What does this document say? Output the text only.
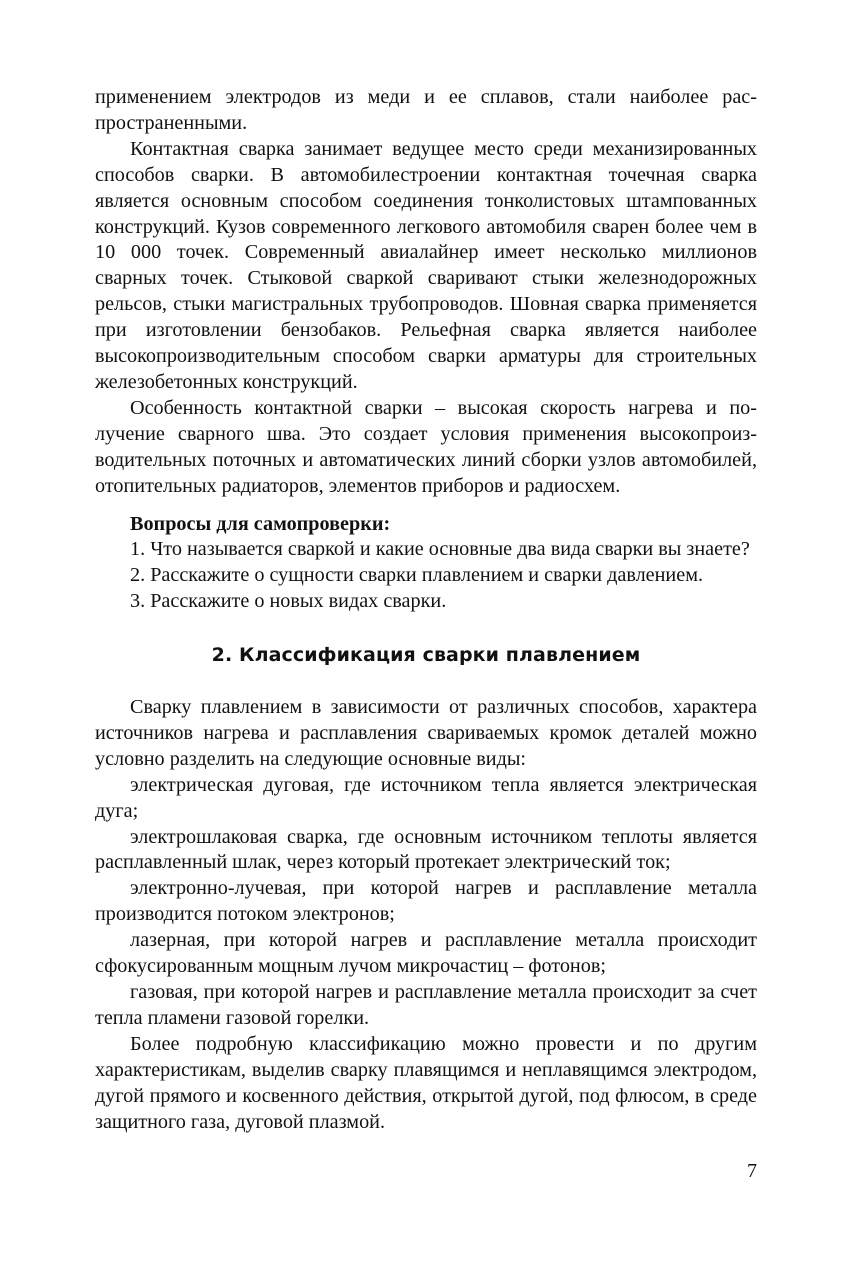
применением электродов из меди и ее сплавов, стали наиболее распространенными.

Контактная сварка занимает ведущее место среди механизированных способов сварки. В автомобилестроении контактная точечная сварка является основным способом соединения тонколистовых штампованных конструкций. Кузов современного легкового автомобиля сварен более чем в 10 000 точек. Современный авиалайнер имеет несколько миллионов сварных точек. Стыковой сваркой сваривают стыки железнодорожных рельсов, стыки магистральных трубопроводов. Шовная сварка применяется при изготовлении бензобаков. Рельефная сварка является наиболее высокопроизводительным способом сварки арматуры для строительных железобетонных конструкций.

Особенность контактной сварки – высокая скорость нагрева и получение сварного шва. Это создает условия применения высокопроизводительных поточных и автоматических линий сборки узлов автомобилей, отопительных радиаторов, элементов приборов и радиосхем.

Вопросы для самопроверки:

1. Что называется сваркой и какие основные два вида сварки вы знаете?

2. Расскажите о сущности сварки плавлением и сварки давлением.

3. Расскажите о новых видах сварки.

2. Классификация сварки плавлением

Сварку плавлением в зависимости от различных способов, характера источников нагрева и расплавления свариваемых кромок деталей можно условно разделить на следующие основные виды:

электрическая дуговая, где источником тепла является электрическая дуга;

электрошлаковая сварка, где основным источником теплоты является расплавленный шлак, через который протекает электрический ток;

электронно-лучевая, при которой нагрев и расплавление металла производится потоком электронов;

лазерная, при которой нагрев и расплавление металла происходит сфокусированным мощным лучом микрочастиц – фотонов;

газовая, при которой нагрев и расплавление металла происходит за счет тепла пламени газовой горелки.

Более подробную классификацию можно провести и по другим характеристикам, выделив сварку плавящимся и неплавящимся электродом, дугой прямого и косвенного действия, открытой дугой, под флюсом, в среде защитного газа, дуговой плазмой.

7
